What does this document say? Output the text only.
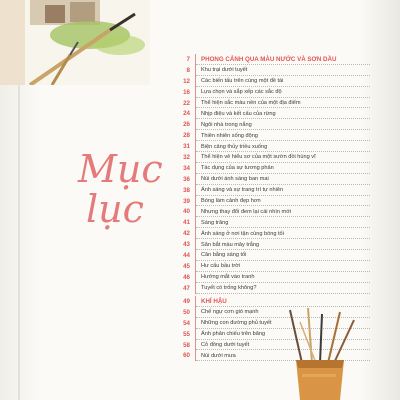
Mục
lục
7 PHONG CẢNH QUA MÀU NƯỚC VÀ SƠN DẦU
8 Khu trại dưới tuyết
12 Các biến tấu trên cùng một đề tài
16 Lựa chọn và sắp xếp các sắc độ
22 Thể hiện sắc màu nền của một địa điểm
24 Nhịp điệu và kết cấu của rừng
26 Ngôi nhà trong nắng
28 Thiên nhiên sống động
31 Biện cảng thủy triều xuống
32 Thể hiện vẻ hiểu sơ của một sườn đồi hùng vĩ
34 Tác dụng của sự tương phản
36 Núi dưới ánh sáng ban mai
38 Ánh sáng và sự trang trí tự nhiên
39 Bóng làm cảnh đẹp hơn
40 Nhưng thay đổi đem lại cái nhìn mới
41 Sáng trăng
42 Ánh sáng ở nơi tận cùng bóng tối
43 Săn bắt màu mây trắng
44 Cân bằng sáng tối
45 Hư cấu bầu trời
46 Hướng mắt vào tranh
47 Tuyết có trống không?
49 KHÍ HẬU
50 Chế ngự cơn gió mạnh
54 Những con đường phủ tuyết
55 Ánh phản chiếu trên băng
58 Cỏ đồng dưới tuyết
60 Núi dưới mưa
